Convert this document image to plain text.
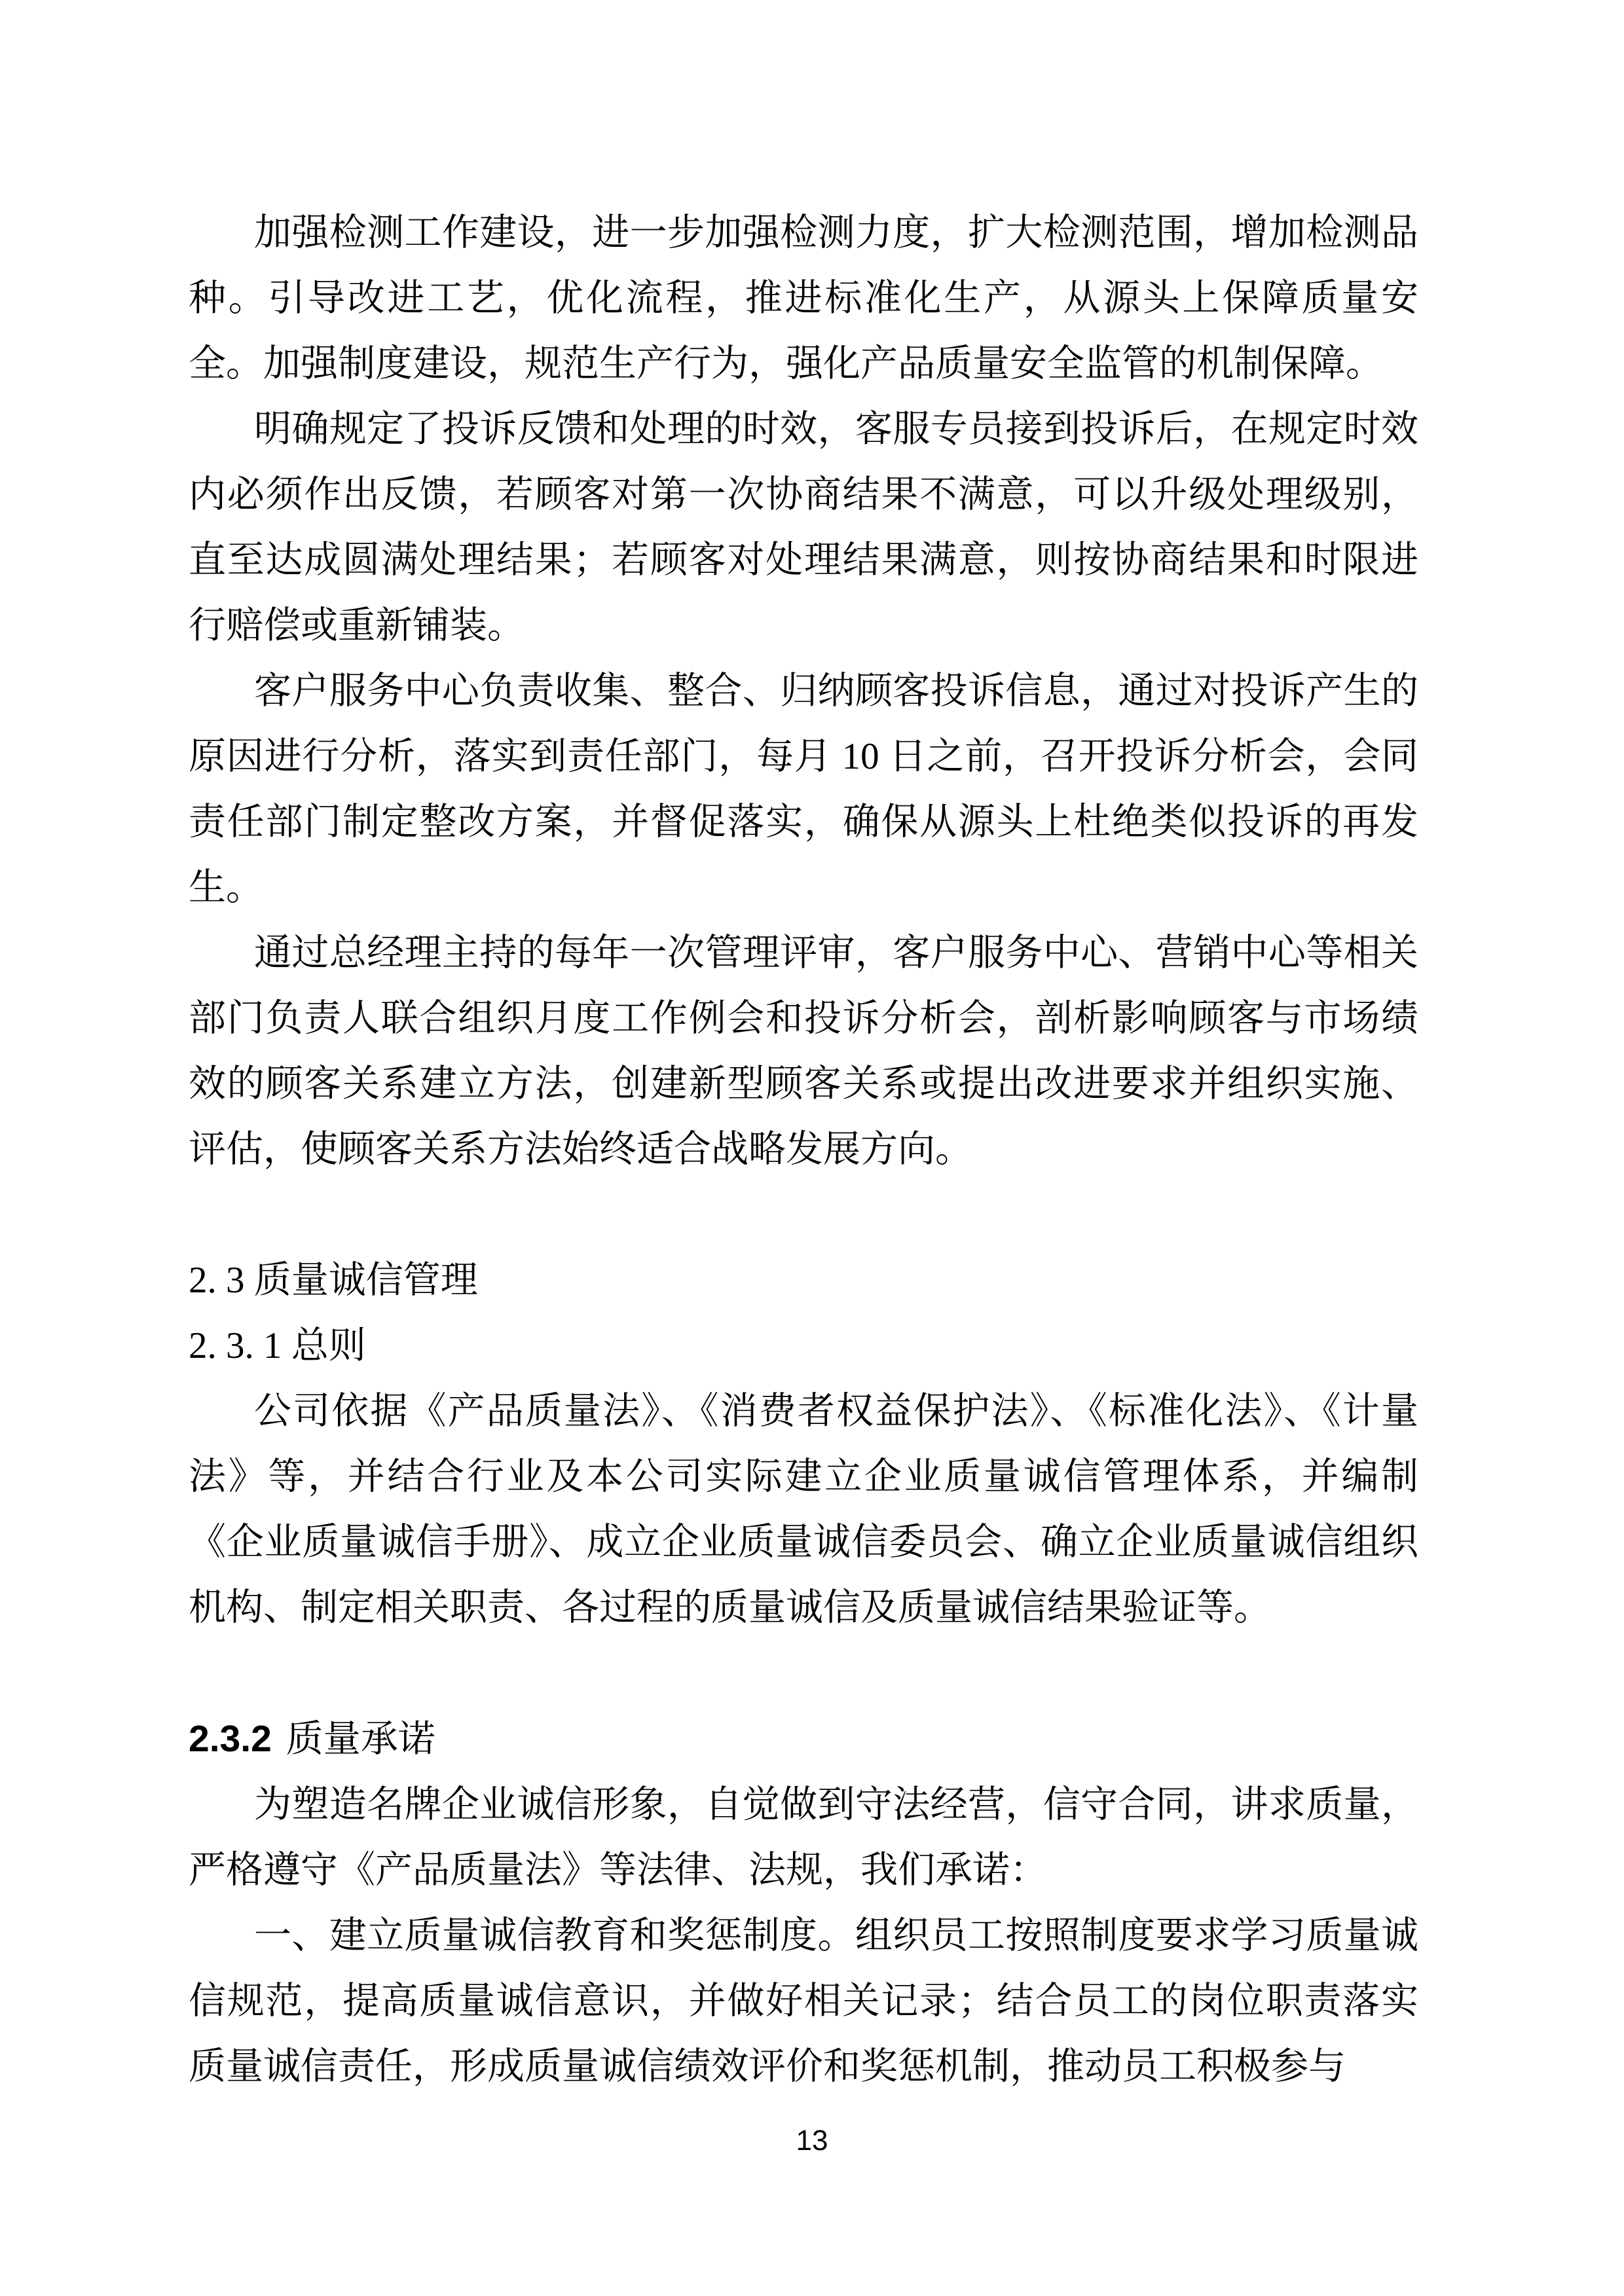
加强检测工作建设，进一步加强检测力度，扩大检测范围，增加检测品种。引导改进工艺，优化流程，推进标准化生产，从源头上保障质量安全。加强制度建设，规范生产行为，强化产品质量安全监管的机制保障。

明确规定了投诉反馈和处理的时效，客服专员接到投诉后，在规定时效内必须作出反馈，若顾客对第一次协商结果不满意，可以升级处理级别，直至达成圆满处理结果；若顾客对处理结果满意，则按协商结果和时限进行赔偿或重新铺装。

客户服务中心负责收集、整合、归纳顾客投诉信息，通过对投诉产生的原因进行分析，落实到责任部门，每月 10 日之前，召开投诉分析会，会同责任部门制定整改方案，并督促落实，确保从源头上杜绝类似投诉的再发生。

通过总经理主持的每年一次管理评审，客户服务中心、营销中心等相关部门负责人联合组织月度工作例会和投诉分析会，剖析影响顾客与市场绩效的顾客关系建立方法，创建新型顾客关系或提出改进要求并组织实施、评估，使顾客关系方法始终适合战略发展方向。

2. 3 质量诚信管理

2. 3. 1 总则

公司依据《产品质量法》、《消费者权益保护法》、《标准化法》、《计量法》等，并结合行业及本公司实际建立企业质量诚信管理体系，并编制《企业质量诚信手册》、成立企业质量诚信委员会、确立企业质量诚信组织机构、制定相关职责、各过程的质量诚信及质量诚信结果验证等。

2.3.2 质量承诺

为塑造名牌企业诚信形象，自觉做到守法经营，信守合同，讲求质量，严格遵守《产品质量法》等法律、法规，我们承诺：

一、建立质量诚信教育和奖惩制度。组织员工按照制度要求学习质量诚信规范，提高质量诚信意识，并做好相关记录；结合员工的岗位职责落实质量诚信责任，形成质量诚信绩效评价和奖惩机制，推动员工积极参与

13
